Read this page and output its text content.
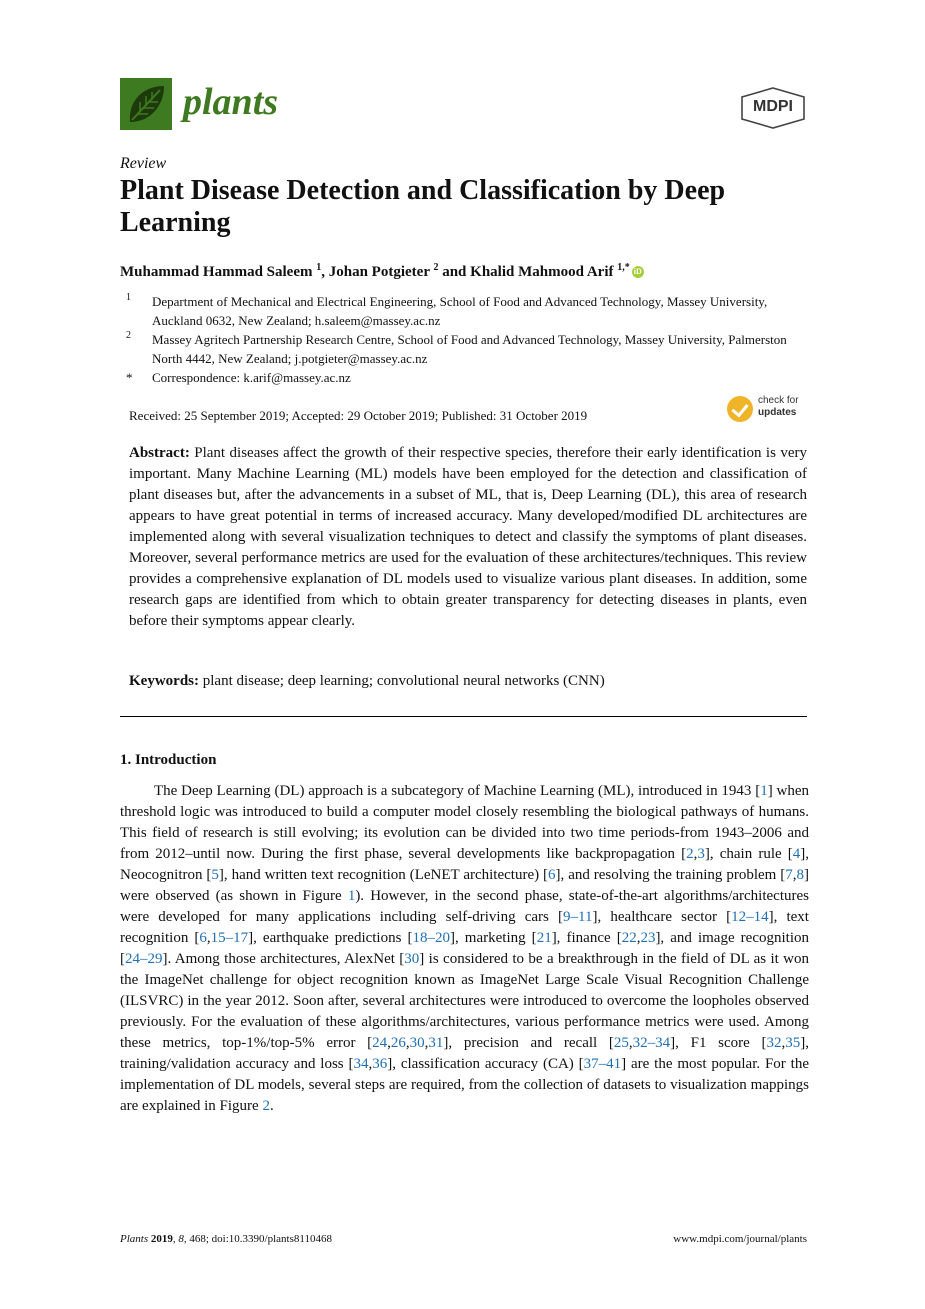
plants	MDPI
Review
Plant Disease Detection and Classification by Deep Learning
Muhammad Hammad Saleem $^1$, Johan Potgieter $^2$ and Khalid Mahmood Arif $^{1,*}$ iD
1 Department of Mechanical and Electrical Engineering, School of Food and Advanced Technology, Massey University, Auckland 0632, New Zealand; h.saleem@massey.ac.nz
2 Massey Agritech Partnership Research Centre, School of Food and Advanced Technology, Massey University, Palmerston North 4442, New Zealand; j.potgieter@massey.ac.nz
* Correspondence: k.arif@massey.ac.nz
Received: 25 September 2019; Accepted: 29 October 2019; Published: 31 October 2019
check for
updates
Abstract: Plant diseases affect the growth of their respective species, therefore their early identification is very important. Many Machine Learning (ML) models have been employed for the detection and classification of plant diseases but, after the advancements in a subset of ML, that is, Deep Learning (DL), this area of research appears to have great potential in terms of increased accuracy. Many developed/modified DL architectures are implemented along with several visualization techniques to detect and classify the symptoms of plant diseases. Moreover, several performance metrics are used for the evaluation of these architectures/techniques. This review provides a comprehensive explanation of DL models used to visualize various plant diseases. In addition, some research gaps are identified from which to obtain greater transparency for detecting diseases in plants, even before their symptoms appear clearly.
Keywords: plant disease; deep learning; convolutional neural networks (CNN)
1. Introduction
The Deep Learning (DL) approach is a subcategory of Machine Learning (ML), introduced in 1943 [1] when threshold logic was introduced to build a computer model closely resembling the biological pathways of humans. This field of research is still evolving; its evolution can be divided into two time periods-from 1943–2006 and from 2012–until now. During the first phase, several developments like backpropagation [2,3], chain rule [4], Neocognitron [5], hand written text recognition (LeNET architecture) [6], and resolving the training problem [7,8] were observed (as shown in Figure 1). However, in the second phase, state-of-the-art algorithms/architectures were developed for many applications including self-driving cars [9–11], healthcare sector [12–14], text recognition [6,15–17], earthquake predictions [18–20], marketing [21], finance [22,23], and image recognition [24–29]. Among those architectures, AlexNet [30] is considered to be a breakthrough in the field of DL as it won the ImageNet challenge for object recognition known as ImageNet Large Scale Visual Recognition Challenge (ILSVRC) in the year 2012. Soon after, several architectures were introduced to overcome the loopholes observed previously. For the evaluation of these algorithms/architectures, various performance metrics were used. Among these metrics, top-1%/top-5% error [24,26,30,31], precision and recall [25,32–34], F1 score [32,35], training/validation accuracy and loss [34,36], classification accuracy (CA) [37–41] are the most popular. For the implementation of DL models, several steps are required, from the collection of datasets to visualization mappings are explained in Figure 2.
Plants 2019, 8, 468; doi:10.3390/plants8110468	www.mdpi.com/journal/plants
